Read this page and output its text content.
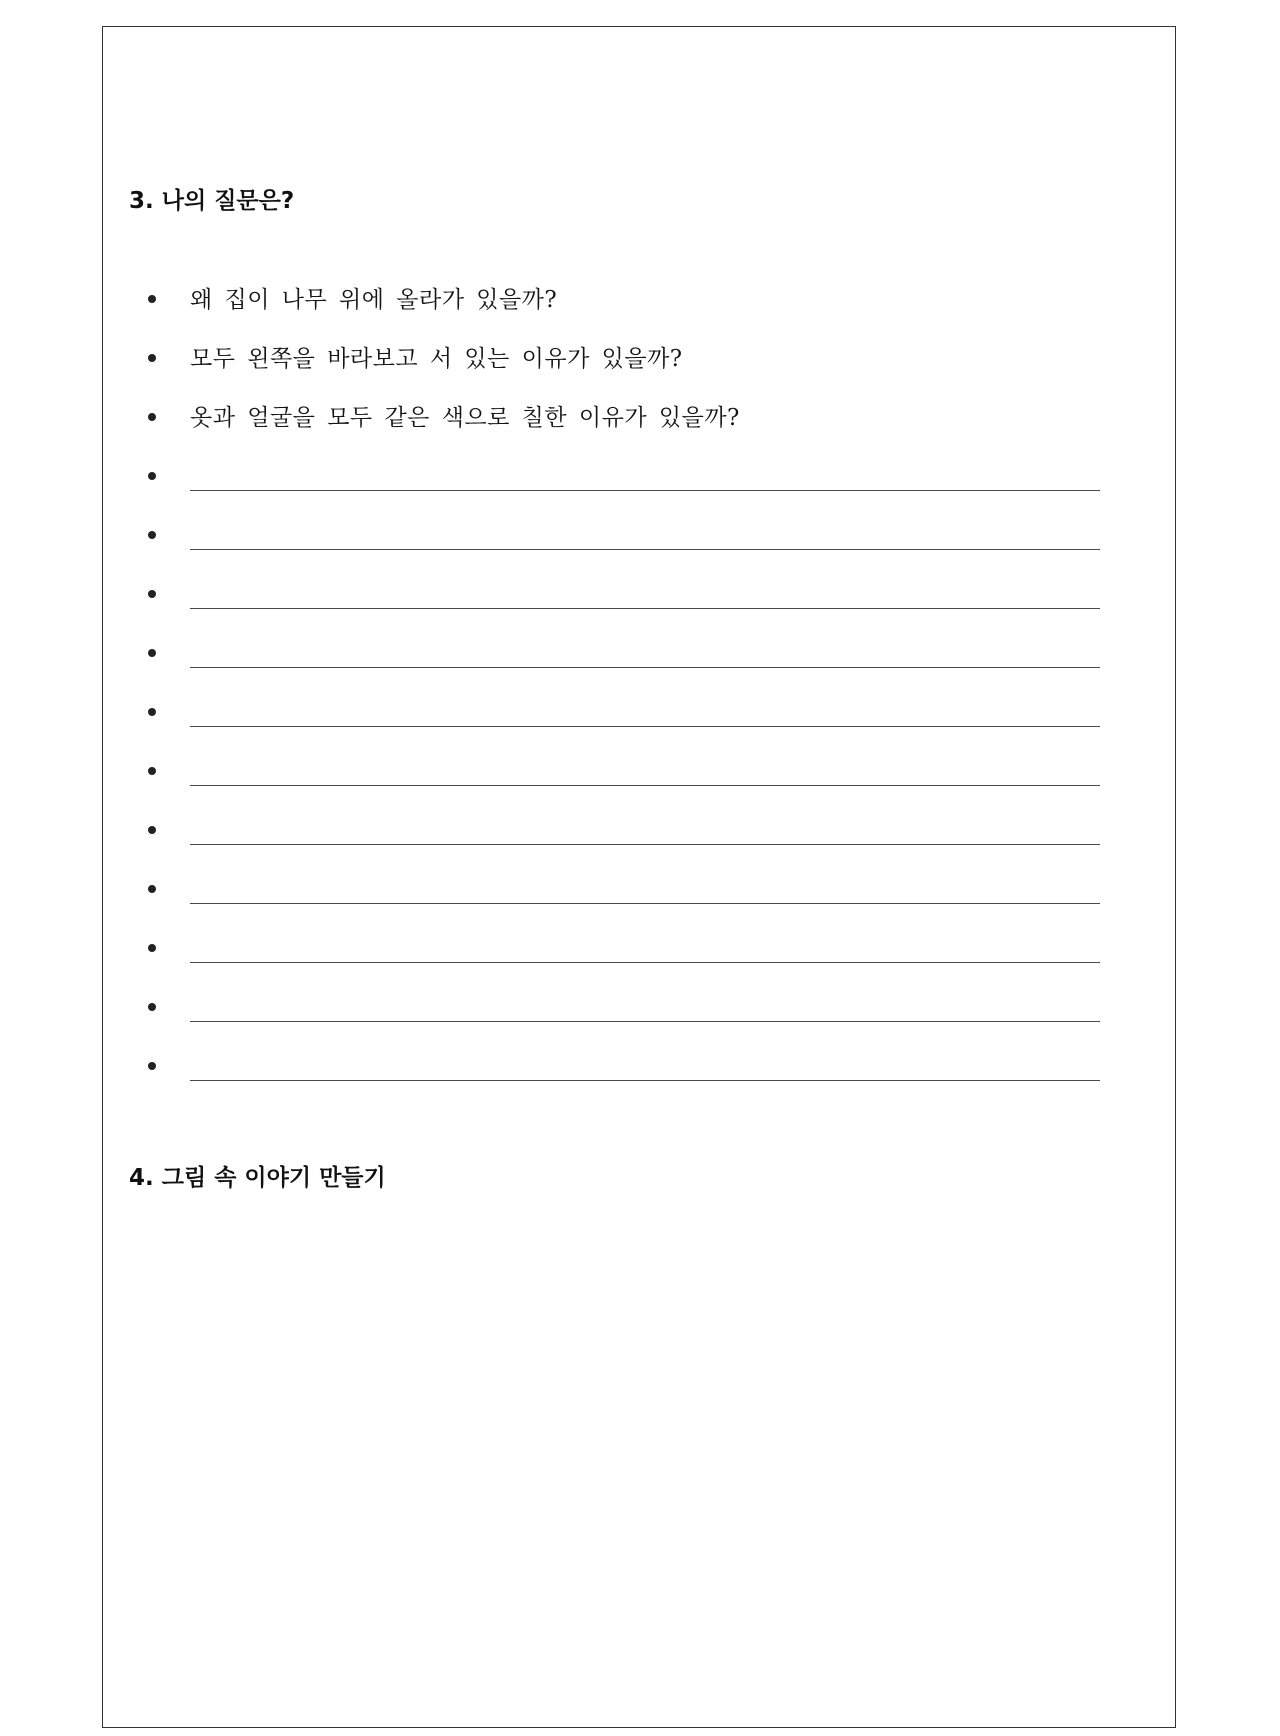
3. 나의 질문은?
왜 집이 나무 위에 올라가 있을까?
모두 왼쪽을 바라보고 서 있는 이유가 있을까?
옷과 얼굴을 모두 같은 색으로 칠한 이유가 있을까?
4. 그림 속 이야기 만들기
